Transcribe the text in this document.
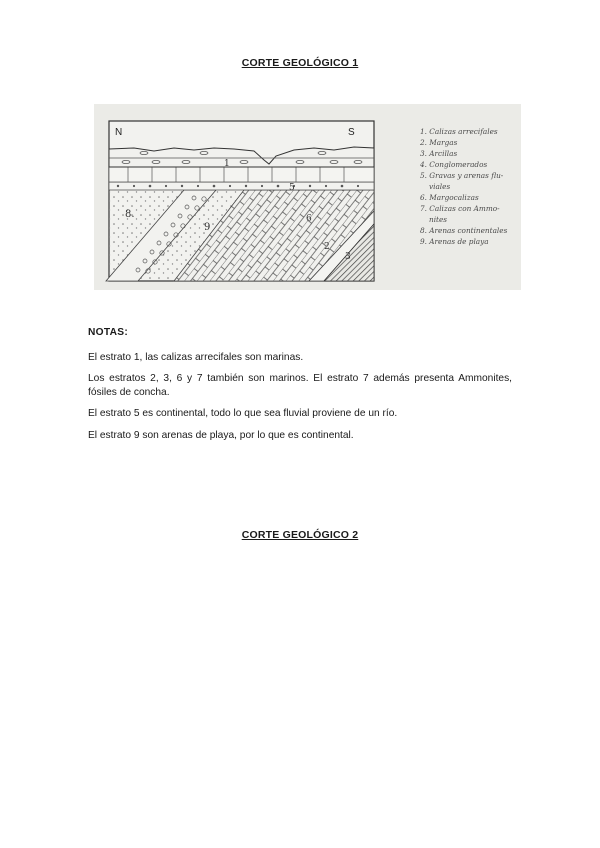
CORTE GEOLÓGICO 1
N	S
1
5
8.
9
6
2
3
1. Calizas arrecifales
2. Margas
3. Arcillas
4. Conglomerados
5. Gravas y arenas flu-
viales
6. Margocalizas
7. Calizas con Ammo-
nites
8. Arenas continentales
9. Arenas de playa
NOTAS:

El estrato 1, las calizas arrecifales son marinas.

Los estratos 2, 3, 6 y 7 también son marinos. El estrato 7 además presenta Ammonites, fósiles de concha.

El estrato 5 es continental, todo lo que sea fluvial proviene de un río.

El estrato 9 son arenas de playa, por lo que es continental.

CORTE GEOLÓGICO 2
